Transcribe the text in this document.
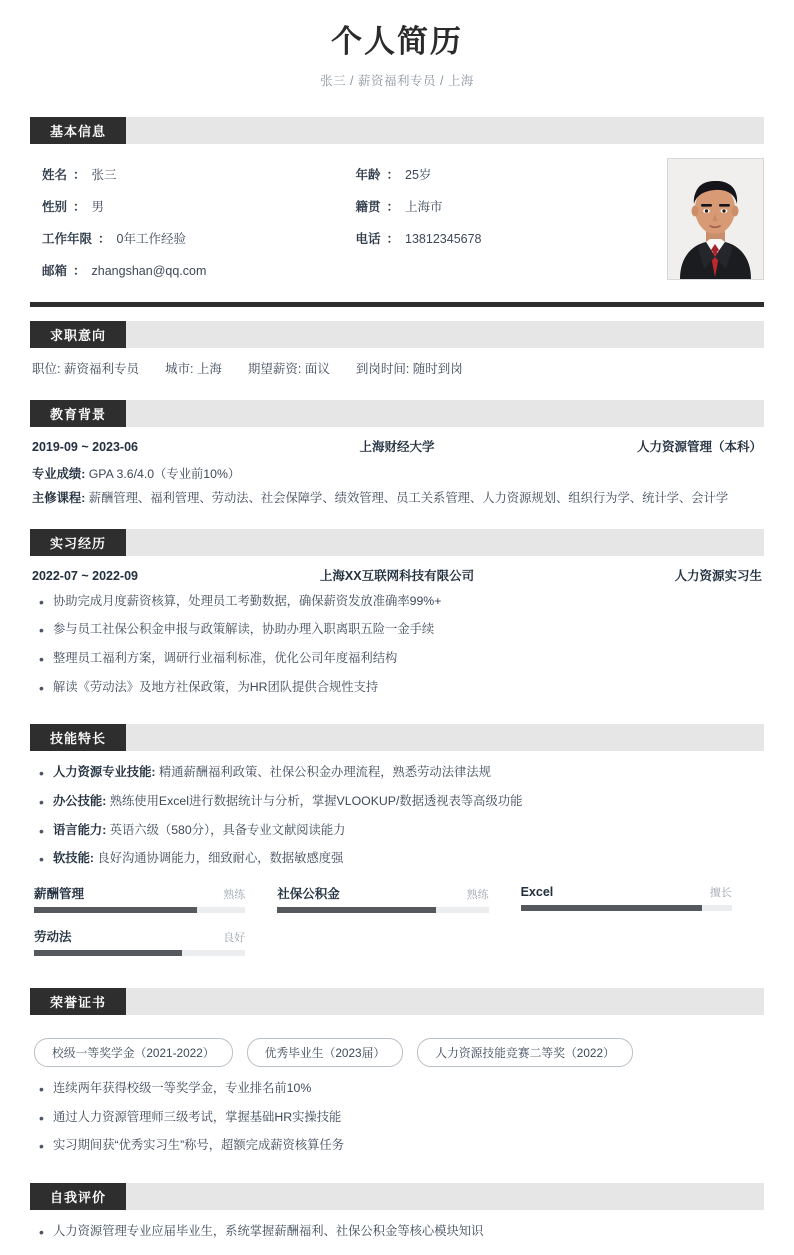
个人简历
张三 / 薪资福利专员 / 上海
基本信息
姓名 ： 张三	年龄 ： 25岁
性别 ： 男	籍贯 ： 上海市
工作年限 ： 0年工作经验	电话 ： 13812345678
邮箱 ： zhangshan@qq.com
求职意向
职位: 薪资福利专员 城市: 上海 期望薪资: 面议 到岗时间: 随时到岗
教育背景
2019-09 ~ 2023-06	上海财经大学	人力资源管理（本科）
专业成绩: GPA 3.6/4.0（专业前10%）
主修课程: 薪酬管理、福利管理、劳动法、社会保障学、绩效管理、员工关系管理、人力资源规划、组织行为学、统计学、会计学
实习经历
2022-07 ~ 2022-09	上海XX互联网科技有限公司	人力资源实习生
• 协助完成月度薪资核算，处理员工考勤数据，确保薪资发放准确率99%+
• 参与员工社保公积金申报与政策解读，协助办理入职离职五险一金手续
• 整理员工福利方案，调研行业福利标准，优化公司年度福利结构
• 解读《劳动法》及地方社保政策，为HR团队提供合规性支持
技能特长
• 人力资源专业技能: 精通薪酬福利政策、社保公积金办理流程，熟悉劳动法律法规
• 办公技能: 熟练使用Excel进行数据统计与分析，掌握VLOOKUP/数据透视表等高级功能
• 语言能力: 英语六级（580分），具备专业文献阅读能力
• 软技能: 良好沟通协调能力，细致耐心，数据敏感度强
薪酬管理	熟练	社保公积金	熟练	Excel	擅长
劳动法	良好
荣誉证书
校级一等奖学金（2021-2022）	优秀毕业生（2023届）	人力资源技能竞赛二等奖（2022）
• 连续两年获得校级一等奖学金，专业排名前10%
• 通过人力资源管理师三级考试，掌握基础HR实操技能
• 实习期间获“优秀实习生”称号，超额完成薪资核算任务
自我评价
• 人力资源管理专业应届毕业生，系统掌握薪酬福利、社保公积金等核心模块知识
